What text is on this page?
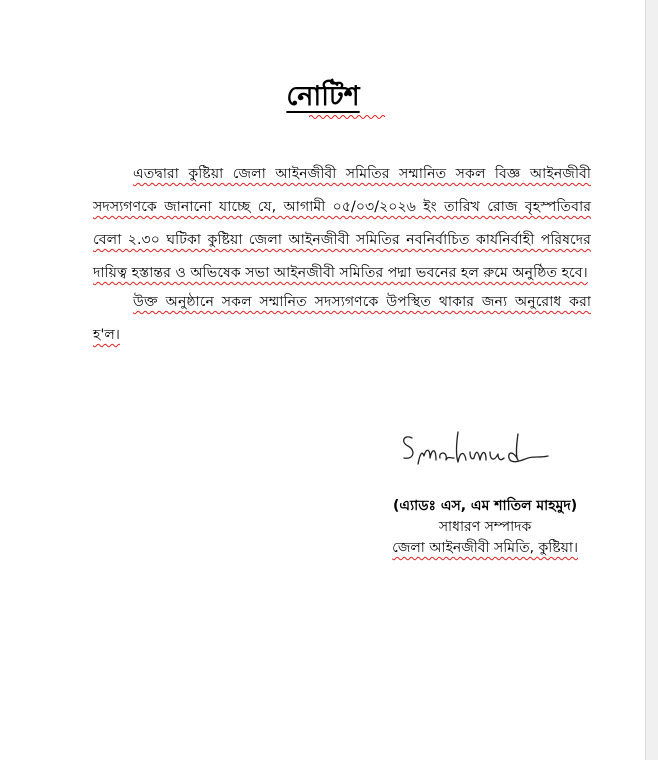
নোটিশ

এতদ্বারা কুষ্টিয়া জেলা আইনজীবী সমিতির সম্মানিত সকল বিজ্ঞ আইনজীবী সদস্যগণকে জানানো যাচ্ছে যে, আগামী ০৫/০৩/২০২৬ ইং তারিখ রোজ বৃহস্পতিবার বেলা ২.৩০ ঘটিকা কুষ্টিয়া জেলা আইনজীবী সমিতির নবনির্বাচিত কার্যনির্বাহী পরিষদের দায়িত্ব হস্তান্তর ও অভিষেক সভা আইনজীবী সমিতির পদ্মা ভবনের হল রুমে অনুষ্ঠিত হবে।

উক্ত অনুষ্ঠানে সকল সম্মানিত সদস্যগণকে উপস্থিত থাকার জন্য অনুরোধ করা হ'ল।

(এ্যাডঃ এস, এম শাতিল মাহমুদ)
সাধারণ সম্পাদক
জেলা আইনজীবী সমিতি, কুষ্টিয়া।
